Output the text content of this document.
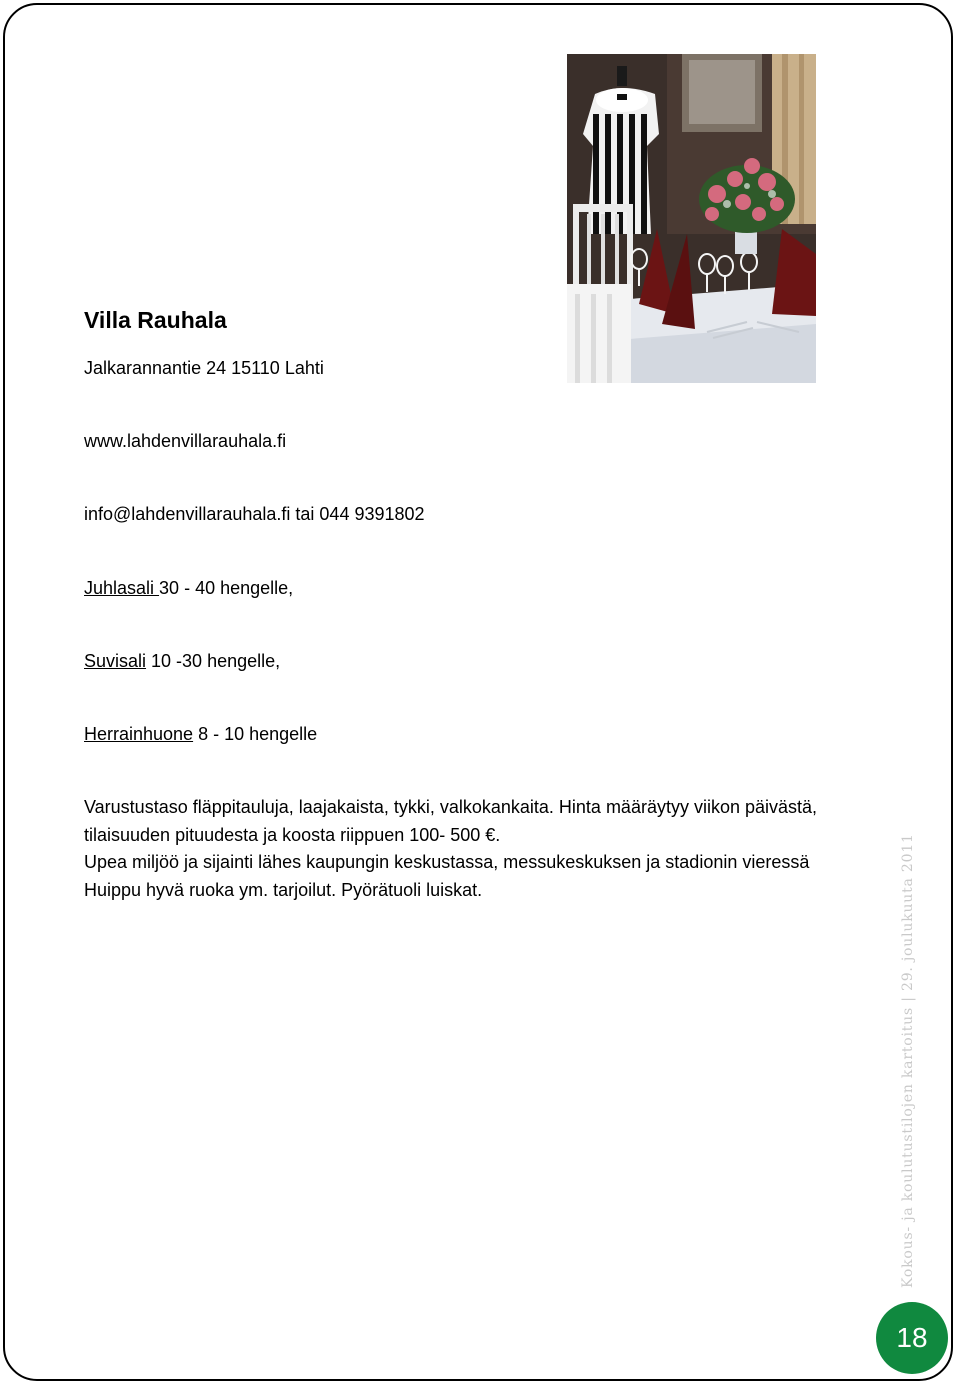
Villa Rauhala
Jalkarannantie 24 15110 Lahti
www.lahdenvillarauhala.fi
info@lahdenvillarauhala.fi tai 044 9391802
Juhlasali 30 - 40 hengelle,
Suvisali 10 -30 hengelle,
Herrainhuone 8 - 10 hengelle
Varustustaso fläppitauluja, laajakaista, tykki, valkokankaita. Hinta määräytyy viikon päivästä, tilaisuuden pituudesta ja koosta riippuen 100- 500 €.
Upea miljöö ja sijainti lähes kaupungin keskustassa, messukeskuksen ja stadionin vieressä
Huippu hyvä ruoka ym. tarjoilut. Pyörätuoli luiskat.	Kokous- ja koulutustilojen kartoitus | 29. joulukuuta 2011
18
